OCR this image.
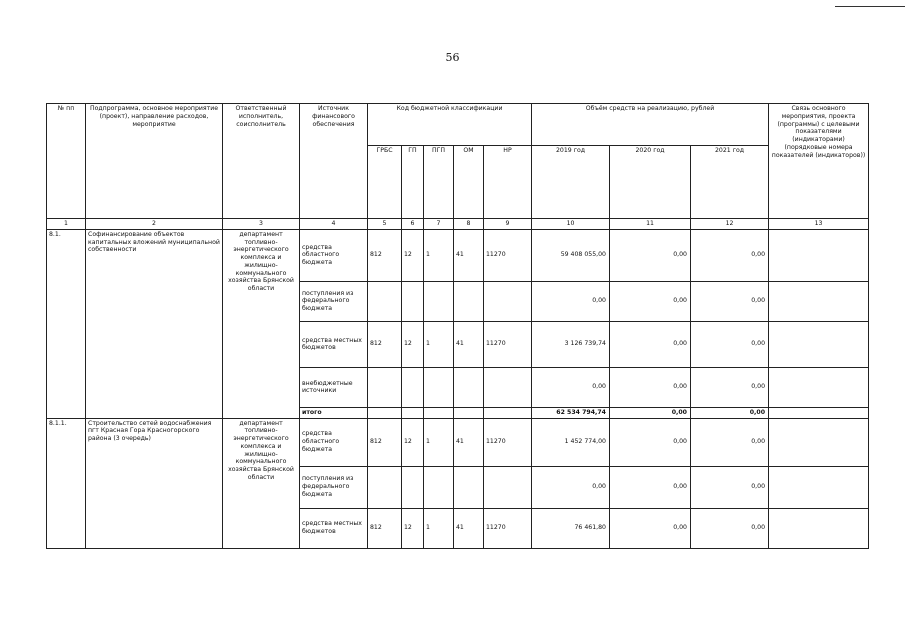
56
№ пп	Подпрограмма, основное мероприятие (проект), направление расходов, мероприятие	Ответственный исполнитель, соисполнитель	Источник финансового обеспечения	Код бюджетной классификации					Объём средств на реализацию, рублей			Связь основного мероприятия, проекта (программы) с целевыми показателями (индикаторами) (порядковые номера показателей (индикаторов))
				ГРБС	ГП	ПГП	ОМ	НР	2019 год	2020 год	2021 год	
1	2	3	4	5	6	7	8	9	10	11	12	13
8.1.	Софинансирование объектов капитальных вложений муниципальной собственности	департамент топливно-энергетического комплекса и жилищно-коммунального хозяйства Брянской области	средства областного бюджета	812	12	1	41	11270	59 408 055,00	0,00	0,00	
			поступления из федерального бюджета						0,00	0,00	0,00	
			средства местных бюджетов	812	12	1	41	11270	3 126 739,74	0,00	0,00	
			внебюджетные источники						0,00	0,00	0,00	
			итого						62 534 794,74	0,00	0,00	
8.1.1.	Строительство сетей водоснабжения пгт Красная Гора Красногорского района (3 очередь)	департамент топливно-энергетического комплекса и жилищно-коммунального хозяйства Брянской области	средства областного бюджета	812	12	1	41	11270	1 452 774,00	0,00	0,00	
			поступления из федерального бюджета						0,00	0,00	0,00	
			средства местных бюджетов	812	12	1	41	11270	76 461,80	0,00	0,00	
